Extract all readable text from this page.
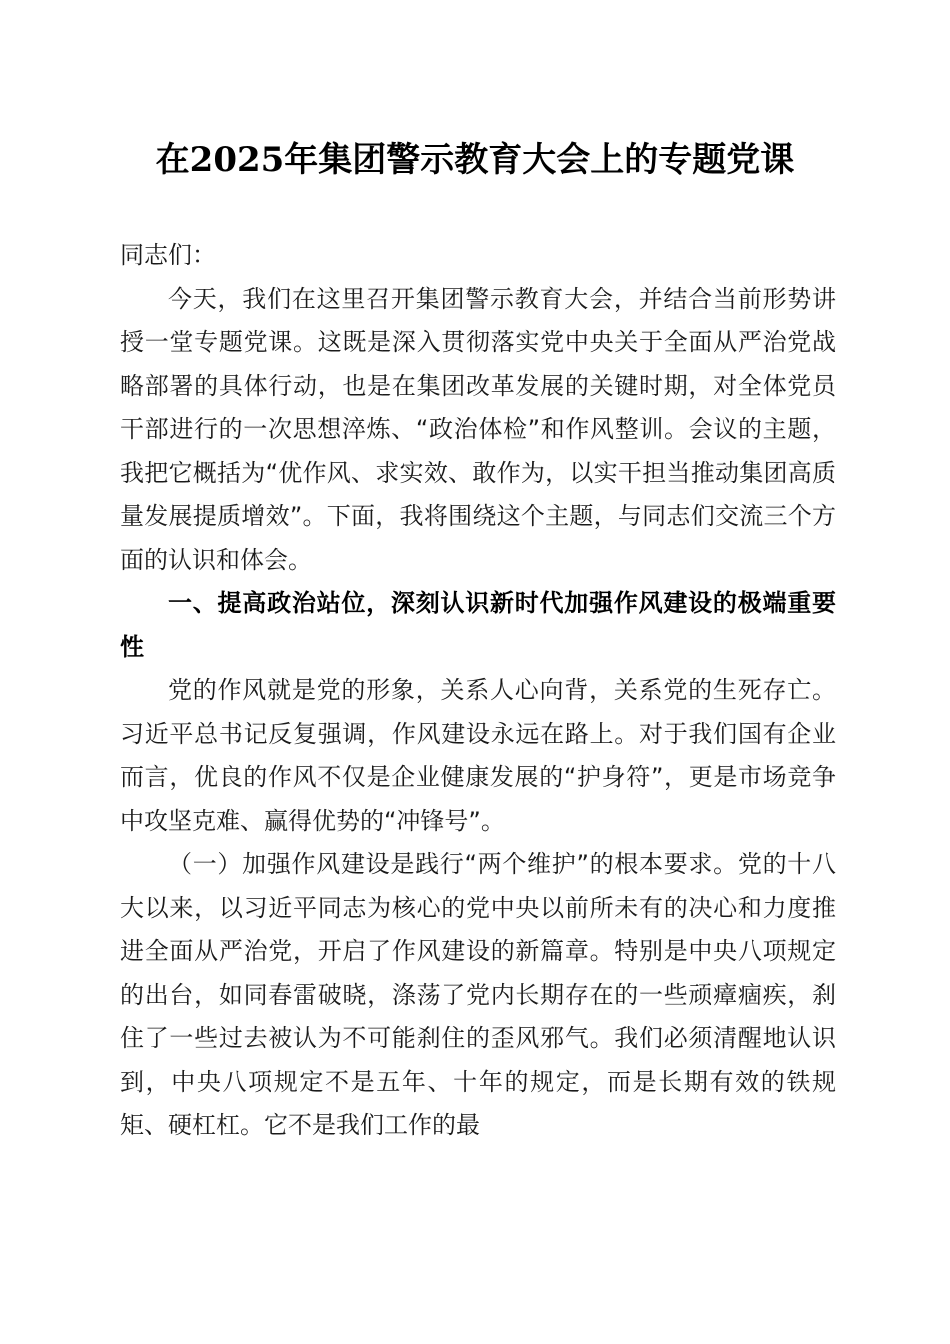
在2025年集团警示教育大会上的专题党课

同志们：

今天，我们在这里召开集团警示教育大会，并结合当前形势讲授一堂专题党课。这既是深入贯彻落实党中央关于全面从严治党战略部署的具体行动，也是在集团改革发展的关键时期，对全体党员干部进行的一次思想淬炼、“政治体检”和作风整训。会议的主题，我把它概括为“优作风、求实效、敢作为，以实干担当推动集团高质量发展提质增效”。下面，我将围绕这个主题，与同志们交流三个方面的认识和体会。

一、提高政治站位，深刻认识新时代加强作风建设的极端重要性

党的作风就是党的形象，关系人心向背，关系党的生死存亡。习近平总书记反复强调，作风建设永远在路上。对于我们国有企业而言，优良的作风不仅是企业健康发展的“护身符”，更是市场竞争中攻坚克难、赢得优势的“冲锋号”。

（一）加强作风建设是践行“两个维护”的根本要求。党的十八大以来，以习近平同志为核心的党中央以前所未有的决心和力度推进全面从严治党，开启了作风建设的新篇章。特别是中央八项规定的出台，如同春雷破晓，涤荡了党内长期存在的一些顽瘴痼疾，刹住了一些过去被认为不可能刹住的歪风邪气。我们必须清醒地认识到，中央八项规定不是五年、十年的规定，而是长期有效的铁规矩、硬杠杠。它不是我们工作的最
